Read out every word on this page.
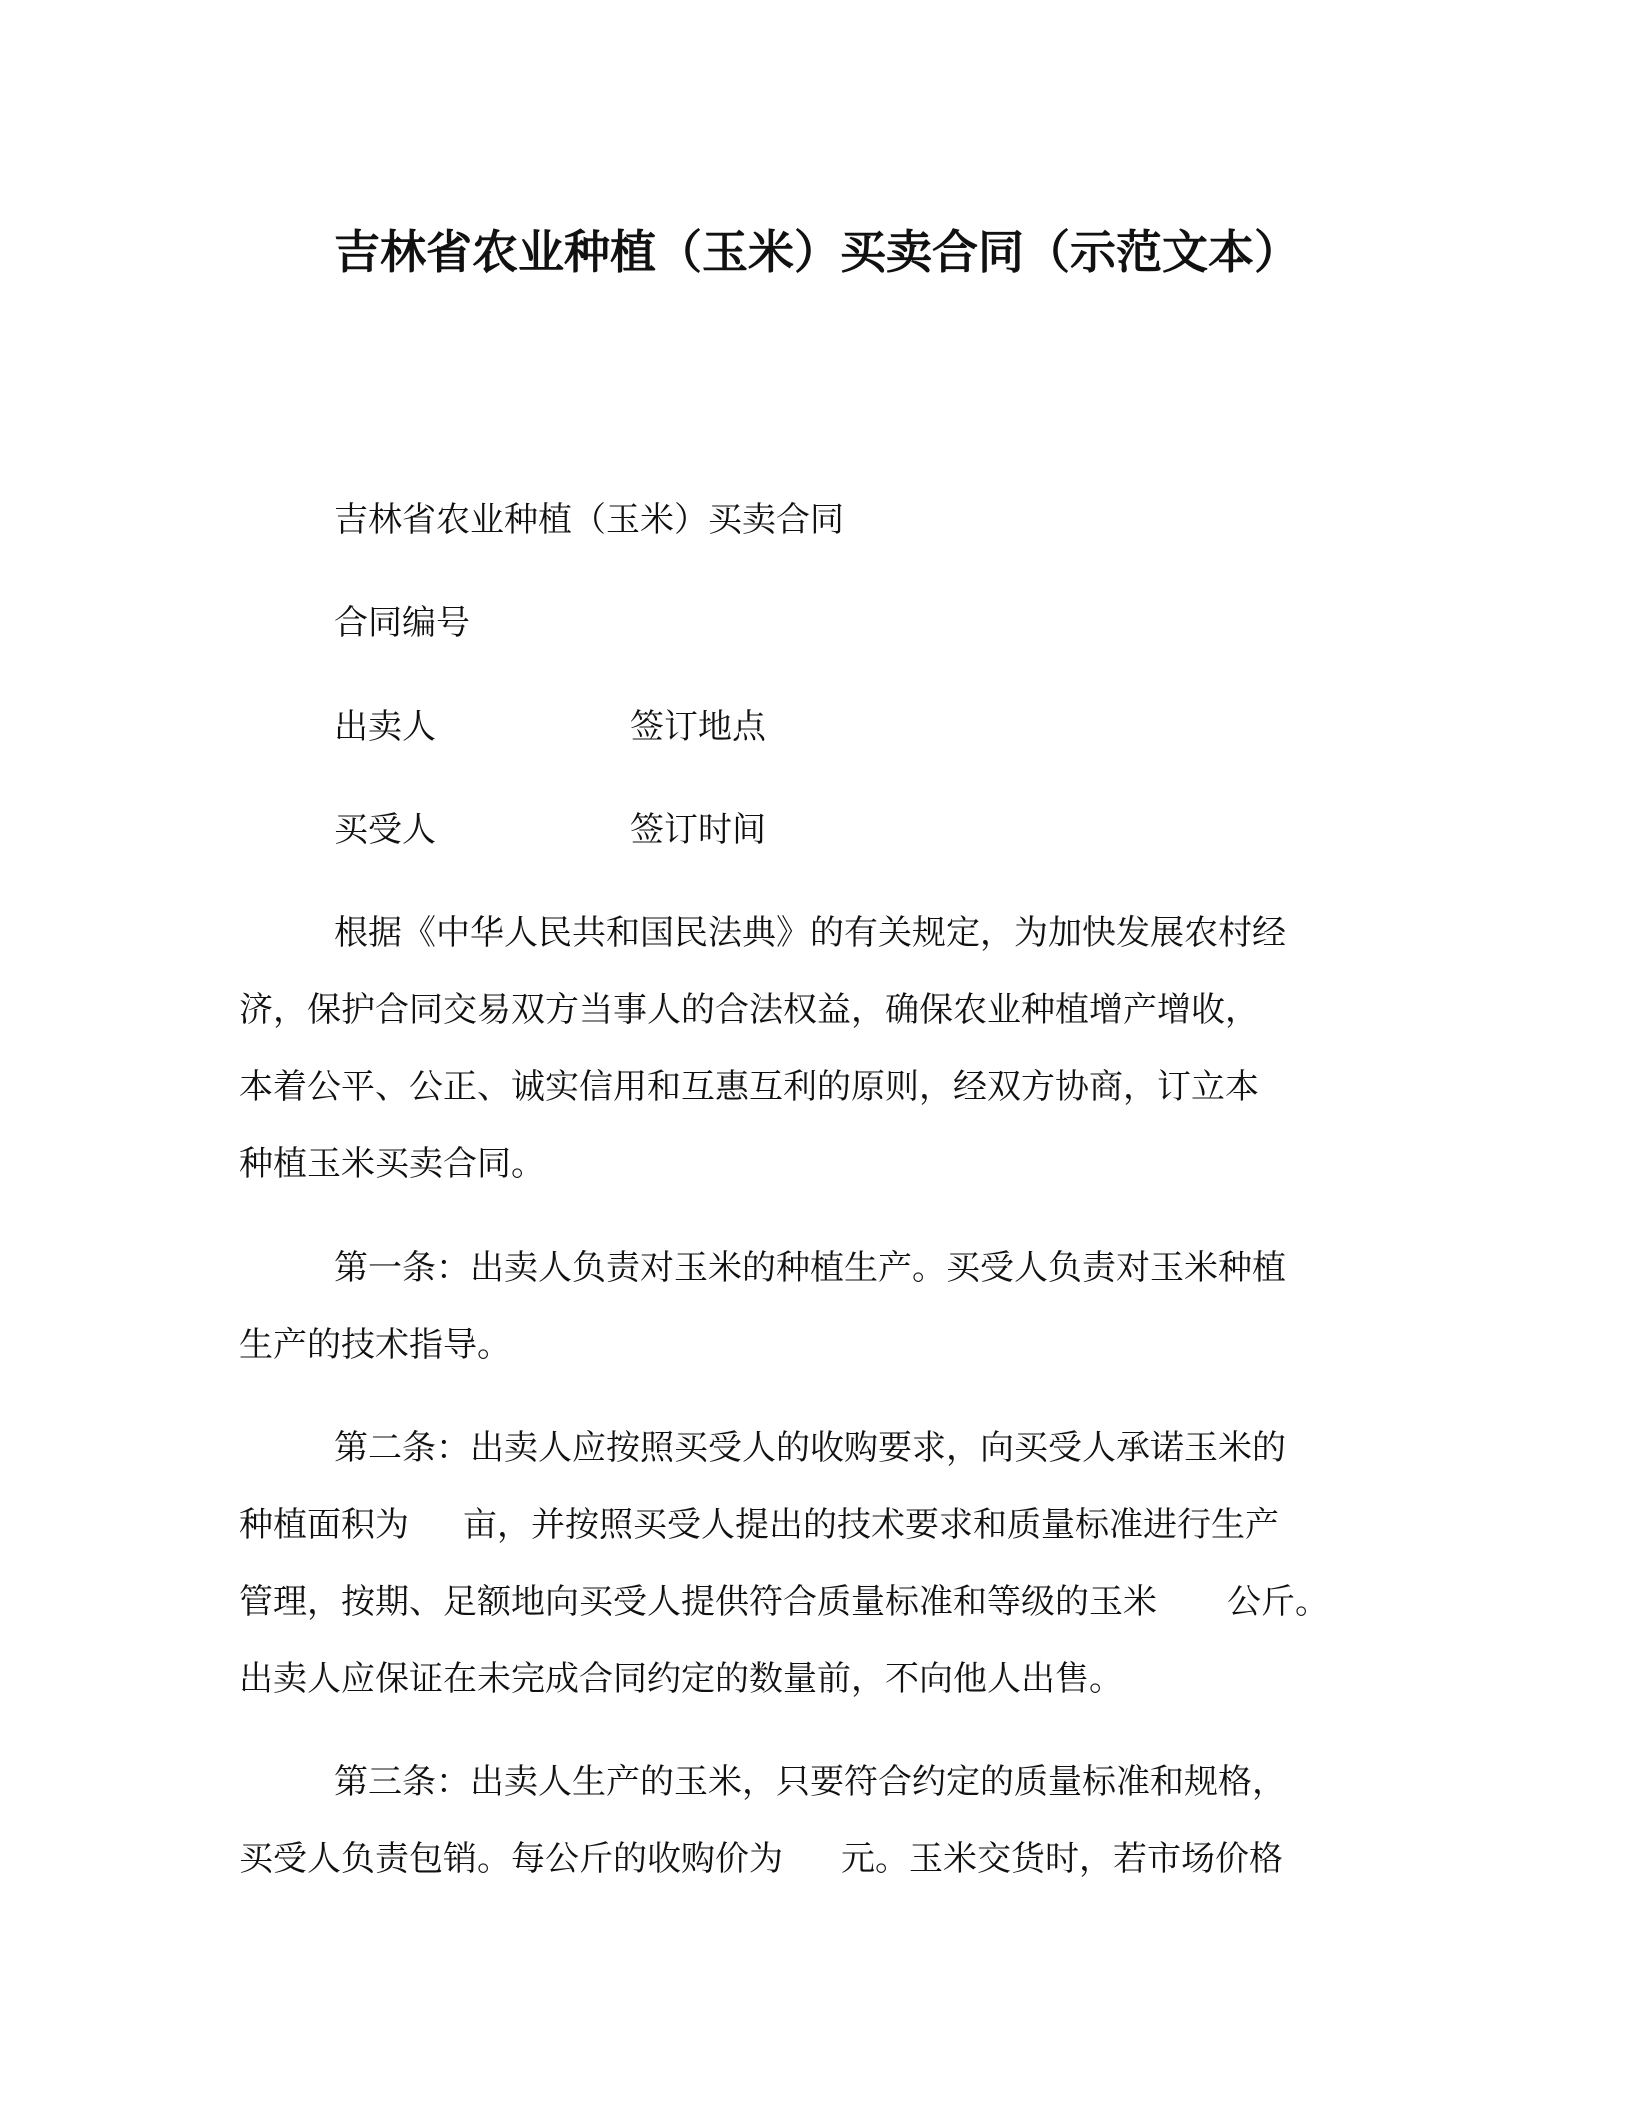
吉林省农业种植（玉米）买卖合同（示范文本）
吉林省农业种植（玉米）买卖合同
合同编号
出卖人	签订地点
买受人	签订时间
根据《中华人民共和国民法典》的有关规定，为加快发展农村经
济，保护合同交易双方当事人的合法权益，确保农业种植增产增收，
本着公平、公正、诚实信用和互惠互利的原则，经双方协商，订立本
种植玉米买卖合同。
第一条：出卖人负责对玉米的种植生产。买受人负责对玉米种植
生产的技术指导。
第二条：出卖人应按照买受人的收购要求，向买受人承诺玉米的
种植面积为 亩，并按照买受人提出的技术要求和质量标准进行生产
管理，按期、足额地向买受人提供符合质量标准和等级的玉米 公斤。
出卖人应保证在未完成合同约定的数量前，不向他人出售。
第三条：出卖人生产的玉米，只要符合约定的质量标准和规格，
买受人负责包销。每公斤的收购价为 元。玉米交货时，若市场价格
